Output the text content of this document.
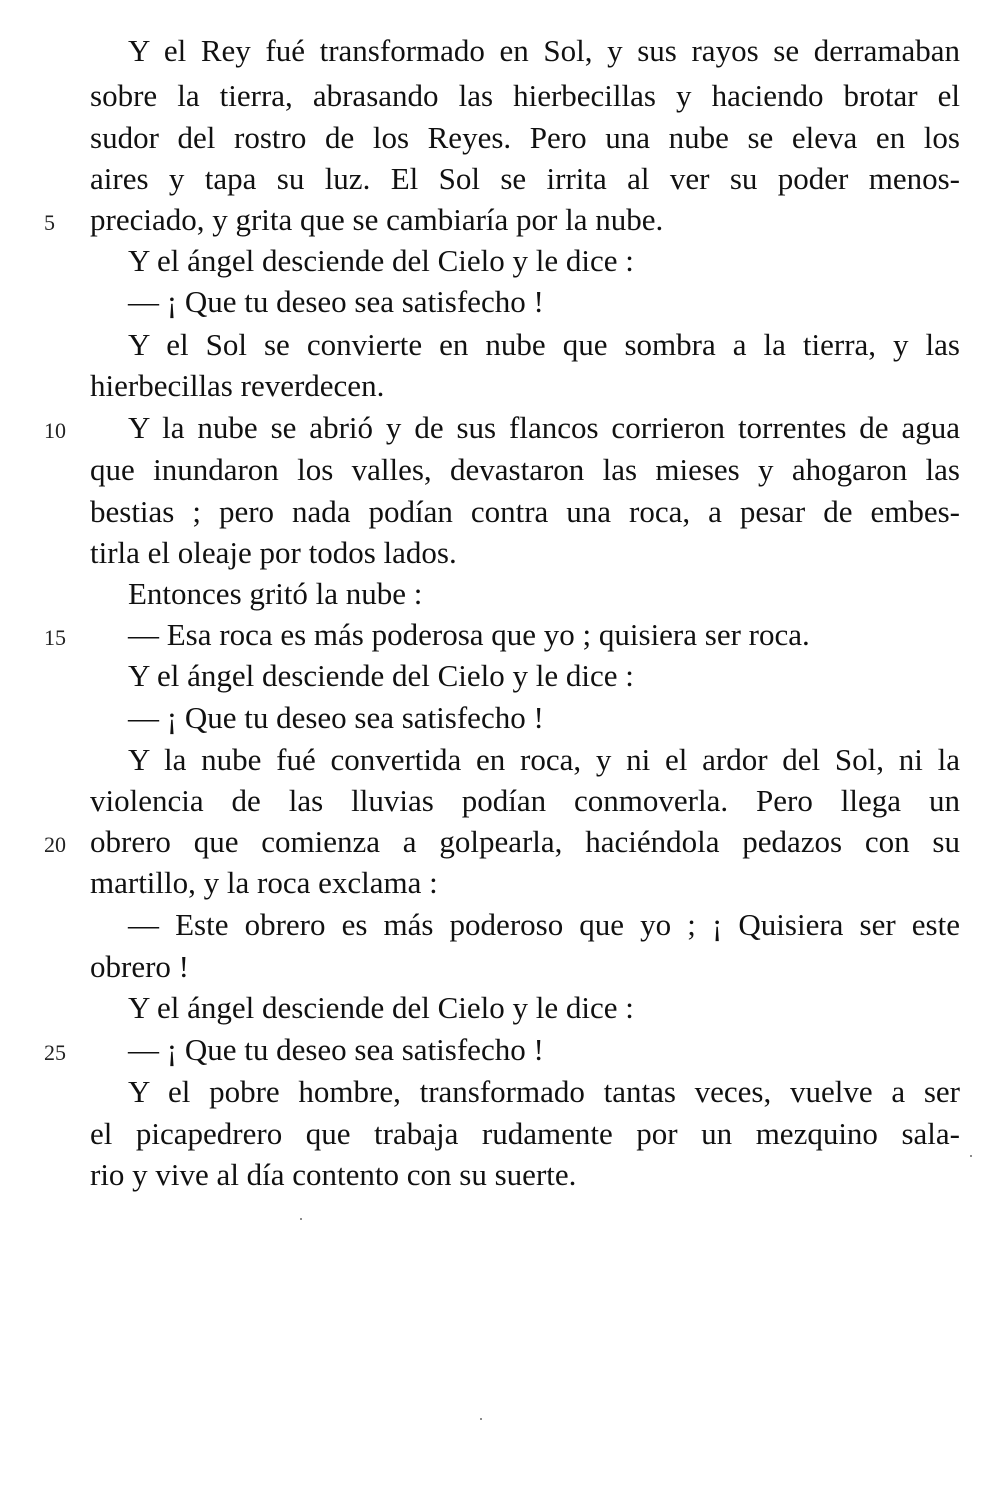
Y el Rey fué transformado en Sol, y sus rayos se derramaban
sobre la tierra, abrasando las hierbecillas y haciendo brotar el
sudor del rostro de los Reyes. Pero una nube se eleva en los
aires y tapa su luz. El Sol se irrita al ver su poder menos-
preciado, y grita que se cambiaría por la nube.
Y el ángel desciende del Cielo y le dice :
— ¡ Que tu deseo sea satisfecho !
Y el Sol se convierte en nube que sombra a la tierra, y las
hierbecillas reverdecen.
Y la nube se abrió y de sus flancos corrieron torrentes de agua
que inundaron los valles, devastaron las mieses y ahogaron las
bestias ; pero nada podían contra una roca, a pesar de embes-
tirla el oleaje por todos lados.
Entonces gritó la nube :
— Esa roca es más poderosa que yo ; quisiera ser roca.
Y el ángel desciende del Cielo y le dice :
— ¡ Que tu deseo sea satisfecho !
Y la nube fué convertida en roca, y ni el ardor del Sol, ni la
violencia de las lluvias podían conmoverla. Pero llega un
obrero que comienza a golpearla, haciéndola pedazos con su
martillo, y la roca exclama :
— Este obrero es más poderoso que yo ; ¡ Quisiera ser este
obrero !
Y el ángel desciende del Cielo y le dice :
— ¡ Que tu deseo sea satisfecho !
Y el pobre hombre, transformado tantas veces, vuelve a ser
el picapedrero que trabaja rudamente por un mezquino sala-
rio y vive al día contento con su suerte.
5
10
15
20
25
